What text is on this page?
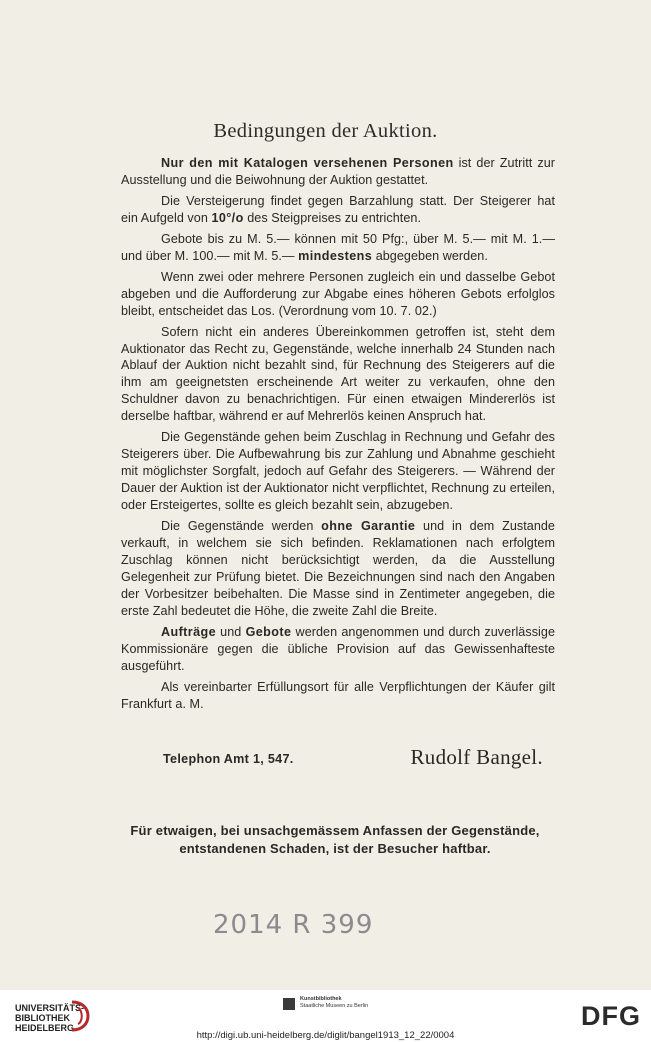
Bedingungen der Auktion.

Nur den mit Katalogen versehenen Personen ist der Zutritt zur Ausstellung und die Beiwohnung der Auktion gestattet.

Die Versteigerung findet gegen Barzahlung statt. Der Steigerer hat ein Aufgeld von 10°/o des Steigpreises zu entrichten.

Gebote bis zu M. 5.— können mit 50 Pfg:, über M. 5.— mit M. 1.— und über M. 100.— mit M. 5.— mindestens abgegeben werden.

Wenn zwei oder mehrere Personen zugleich ein und dasselbe Gebot abgeben und die Aufforderung zur Abgabe eines höheren Gebots erfolglos bleibt, entscheidet das Los. (Verordnung vom 10. 7. 02.)

Sofern nicht ein anderes Übereinkommen getroffen ist, steht dem Auktionator das Recht zu, Gegenstände, welche innerhalb 24 Stunden nach Ablauf der Auktion nicht bezahlt sind, für Rechnung des Steigerers auf die ihm am geeignetsten erscheinende Art weiter zu verkaufen, ohne den Schuldner davon zu benachrichtigen. Für einen etwaigen Mindererlös ist derselbe haftbar, während er auf Mehrerlös keinen Anspruch hat.

Die Gegenstände gehen beim Zuschlag in Rechnung und Gefahr des Steigerers über. Die Aufbewahrung bis zur Zahlung und Abnahme geschieht mit möglichster Sorgfalt, jedoch auf Gefahr des Steigerers. — Während der Dauer der Auktion ist der Auktionator nicht verpflichtet, Rechnung zu erteilen, oder Ersteigertes, sollte es gleich bezahlt sein, abzugeben.

Die Gegenstände werden ohne Garantie und in dem Zustande verkauft, in welchem sie sich befinden. Reklamationen nach erfolgtem Zuschlag können nicht berücksichtigt werden, da die Ausstellung Gelegenheit zur Prüfung bietet. Die Bezeichnungen sind nach den Angaben der Vorbesitzer beibehalten. Die Masse sind in Zentimeter angegeben, die erste Zahl bedeutet die Höhe, die zweite Zahl die Breite.

Aufträge und Gebote werden angenommen und durch zuverlässige Kommissionäre gegen die übliche Provision auf das Gewissenhafteste ausgeführt.

Als vereinbarter Erfüllungsort für alle Verpflichtungen der Käufer gilt Frankfurt a. M.

Telephon Amt 1, 547.	Rudolf Bangel.
Für etwaigen, bei unsachgemässem Anfassen der Gegenstände, entstandenen Schaden, ist der Besucher haftbar.
2014 R 399
UNIVERSITÄTS-
BIBLIOTHEK
HEIDELBERG
Kunstbibliothek
Staatliche Museen zu Berlin
http://digi.ub.uni-heidelberg.de/diglit/bangel1913_12_22/0004
DFG
